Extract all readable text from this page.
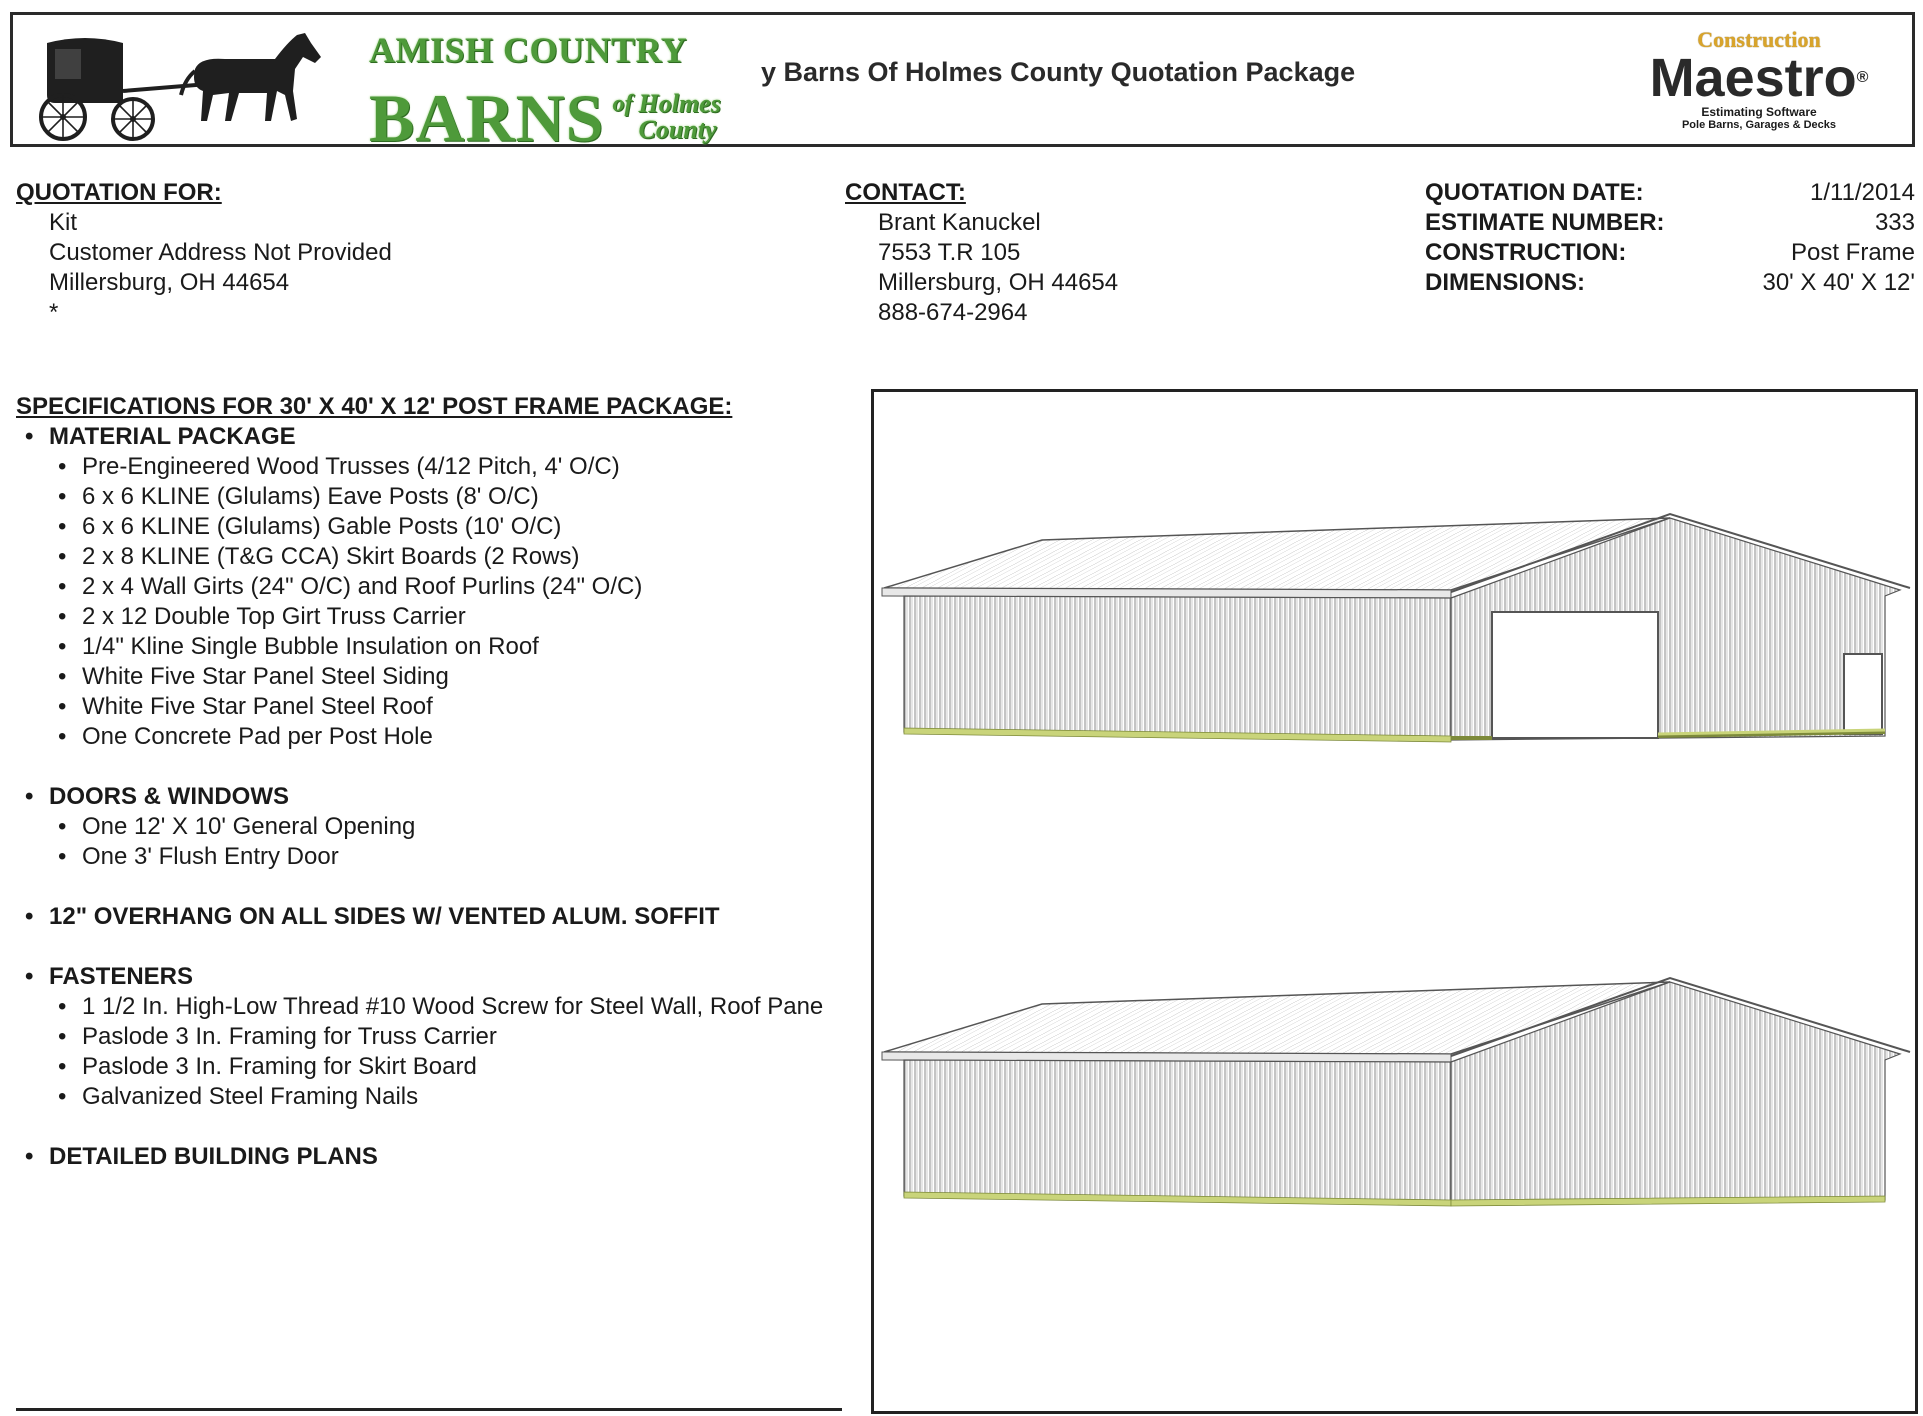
AMISH COUNTRY
BARNS of Holmes
County
y Barns Of Holmes County Quotation Package
Construction
Maestro®
Estimating Software
Pole Barns, Garages & Decks
QUOTATION FOR:
Kit
Customer Address Not Provided
Millersburg, OH 44654
*
CONTACT:
Brant Kanuckel
7553 T.R 105
Millersburg, OH 44654
888-674-2964
QUOTATION DATE:	1/11/2014
ESTIMATE NUMBER:	333
CONSTRUCTION:	Post Frame
DIMENSIONS:	30' X 40' X 12'
SPECIFICATIONS FOR 30' X 40' X 12' POST FRAME PACKAGE:
• MATERIAL PACKAGE
• Pre-Engineered Wood Trusses (4/12 Pitch, 4' O/C)
• 6 x 6 KLINE (Glulams) Eave Posts (8' O/C)
• 6 x 6 KLINE (Glulams) Gable Posts (10' O/C)
• 2 x 8 KLINE (T&G CCA) Skirt Boards (2 Rows)
• 2 x 4 Wall Girts (24" O/C) and Roof Purlins (24" O/C)
• 2 x 12 Double Top Girt Truss Carrier
• 1/4" Kline Single Bubble Insulation on Roof
• White Five Star Panel Steel Siding
• White Five Star Panel Steel Roof
• One Concrete Pad per Post Hole
• DOORS & WINDOWS
• One 12' X 10' General Opening
• One 3' Flush Entry Door
• 12" OVERHANG ON ALL SIDES W/ VENTED ALUM. SOFFIT
• FASTENERS
• 1 1/2 In. High-Low Thread #10 Wood Screw for Steel Wall, Roof Pane
• Paslode 3 In. Framing for Truss Carrier
• Paslode 3 In. Framing for Skirt Board
• Galvanized Steel Framing Nails
• DETAILED BUILDING PLANS
